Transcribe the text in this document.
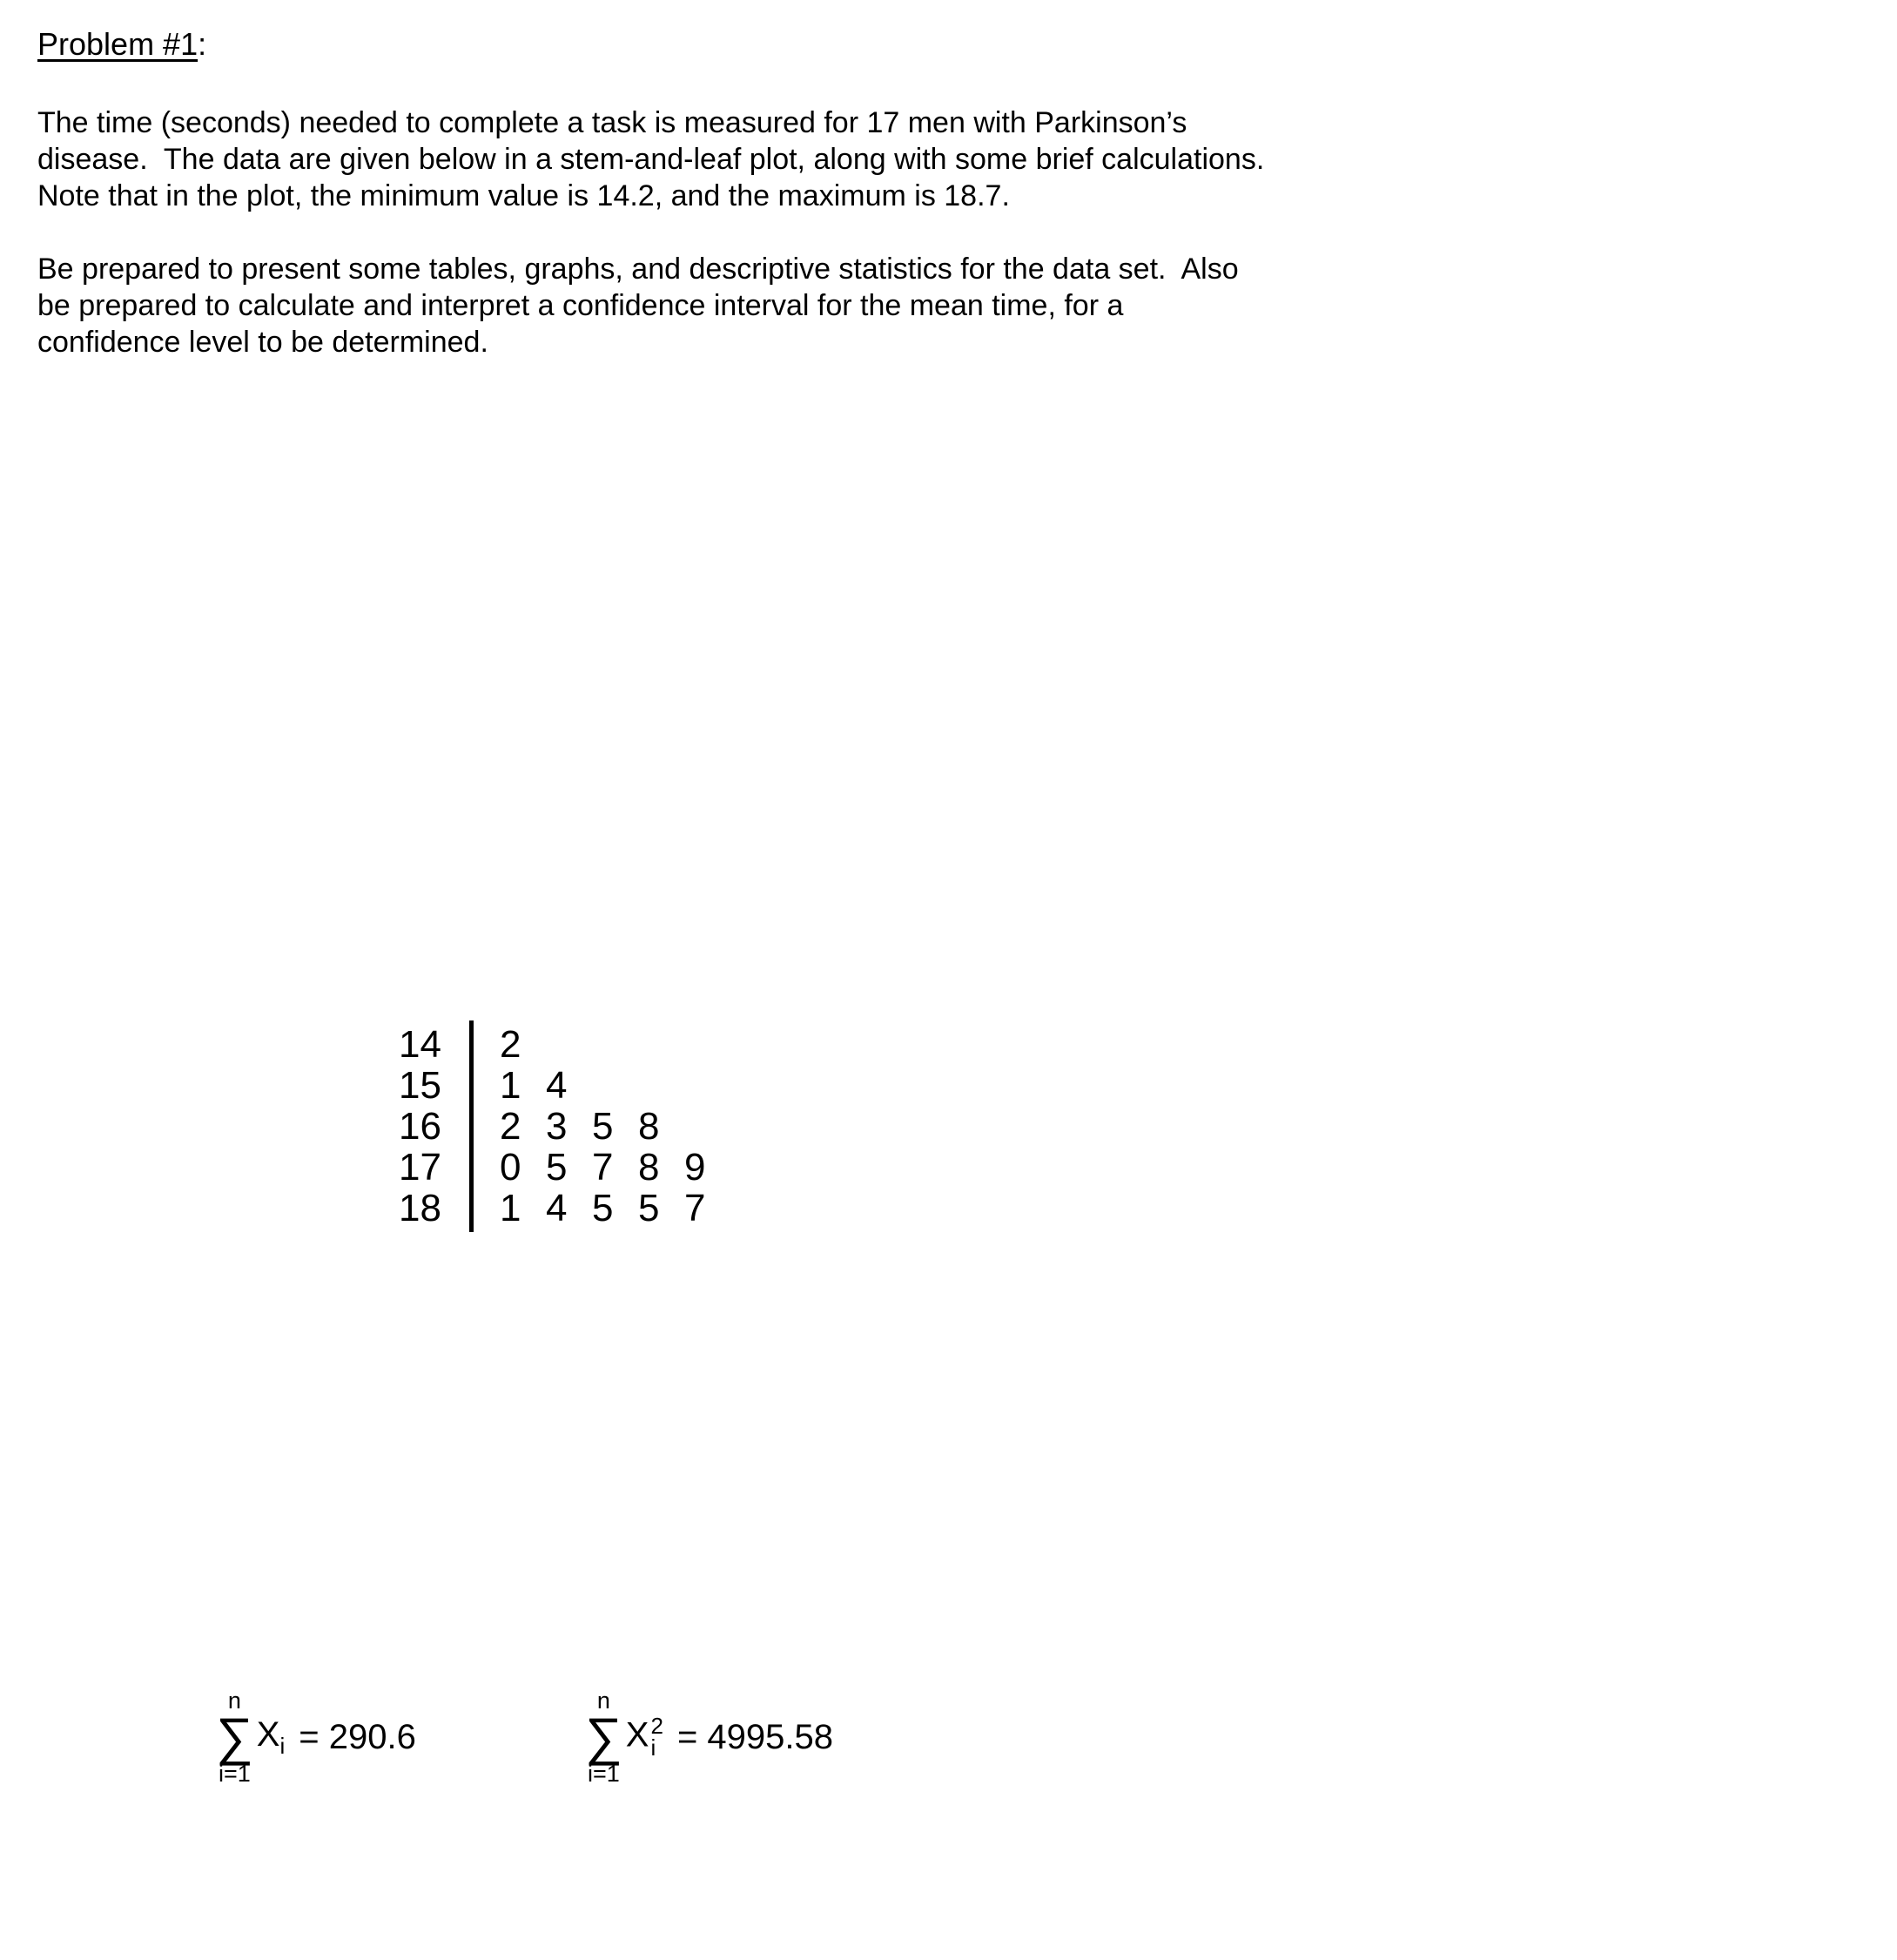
Problem #1:
The time (seconds) needed to complete a task is measured for 17 men with Parkinson’s
disease.  The data are given below in a stem-and-leaf plot, along with some brief calculations.
Note that in the plot, the minimum value is 14.2, and the maximum is 18.7.
Be prepared to present some tables, graphs, and descriptive statistics for the data set.  Also
be prepared to calculate and interpret a confidence interval for the mean time, for a
confidence level to be determined.
14
15
16
17
18
2
1 4
2 3 5 8
0 5 7 8 9
1 4 5 5 7
n
∑
i=1
$X_i = 290.6$
n
∑
i=1
X 2
i = 4995.58
